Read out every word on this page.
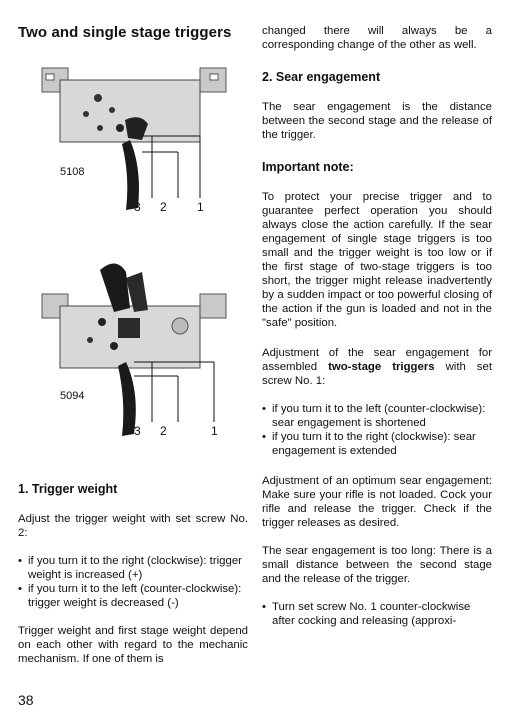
Two and single stage triggers
5108
3 2	1
5094
3 2	1
1. Trigger weight

Adjust the trigger weight with set screw No. 2:

• if you turn it to the right (clockwise): trigger weight is increased (+)
• if you turn it to the left (counter-clockwise): trigger weight is decreased (-)

Trigger weight and first stage weight depend on each other with regard to the mechanic mechanism. If one of them is

changed there will always be a corresponding change of the other as well.

2. Sear engagement

The sear engagement is the distance between the second stage and the release of the trigger.

Important note:

To protect your precise trigger and to guarantee perfect operation you should always close the action carefully. If the sear engagement of single stage triggers is too small and the trigger weight is too low or if the first stage of two-stage triggers is too short, the trigger might release inadvertently by a sudden impact or too powerful closing of the action if the gun is loaded and not in the "safe" position.

Adjustment of the sear engagement for assembled two-stage triggers with set screw No. 1:

• if you turn it to the left (counter-clockwise): sear engagement is shortened
• if you turn it to the right (clockwise): sear engagement is extended

Adjustment of an optimum sear engagement: Make sure your rifle is not loaded. Cock your rifle and release the trigger. Check if the trigger releases as desired.

The sear engagement is too long: There is a small distance between the second stage and the release of the trigger.

• Turn set screw No. 1 counter-clockwise after cocking and releasing (approxi-
38
